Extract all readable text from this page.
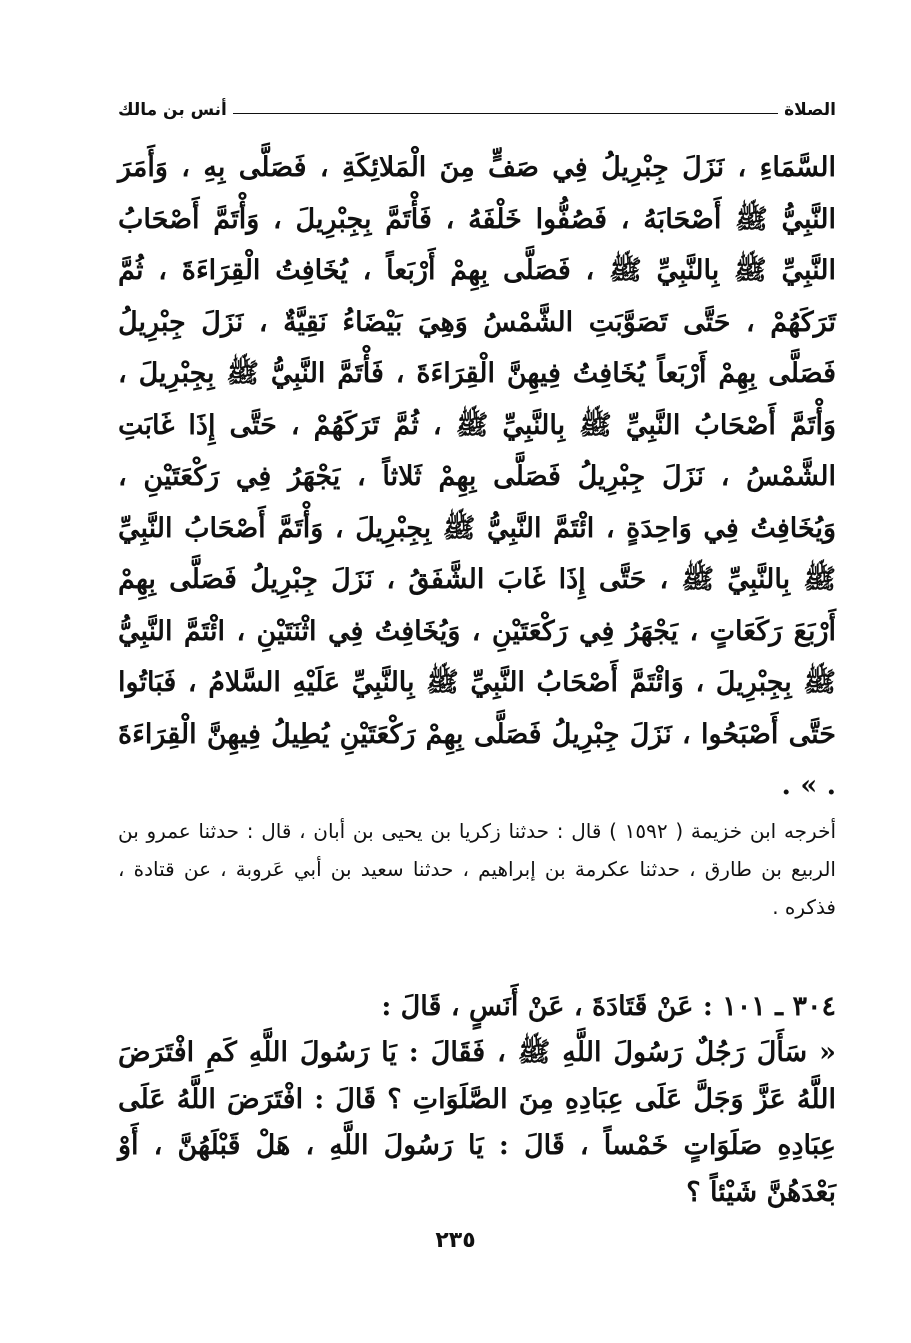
الصلاة
أنس بن مالك
السَّمَاءِ ، نَزَلَ جِبْرِيلُ فِي صَفٍّ مِنَ الْمَلائِكَةِ ، فَصَلَّى بِهِ ، وَأَمَرَ النَّبِيُّ ﷺ أَصْحَابَهُ ، فَصُفُّوا خَلْفَهُ ، فَأْتَمَّ بِجِبْرِيلَ ، وَأْتَمَّ أَصْحَابُ النَّبِيِّ ﷺ بِالنَّبِيِّ ﷺ ، فَصَلَّى بِهِمْ أَرْبَعاً ، يُخَافِتُ الْقِرَاءَةَ ، ثُمَّ تَرَكَهُمْ ، حَتَّى تَصَوَّبَتِ الشَّمْسُ وَهِيَ بَيْضَاءُ نَقِيَّةٌ ، نَزَلَ جِبْرِيلُ فَصَلَّى بِهِمْ أَرْبَعاً يُخَافِتُ فِيهِنَّ الْقِرَاءَةَ ، فَأْتَمَّ النَّبِيُّ ﷺ بِجِبْرِيلَ ، وَأْتَمَّ أَصْحَابُ النَّبِيِّ ﷺ بِالنَّبِيِّ ﷺ ، ثُمَّ تَرَكَهُمْ ، حَتَّى إِذَا غَابَتِ الشَّمْسُ ، نَزَلَ جِبْرِيلُ فَصَلَّى بِهِمْ ثَلاثاً ، يَجْهَرُ فِي رَكْعَتَيْنِ ، وَيُخَافِتُ فِي وَاحِدَةٍ ، ائْتَمَّ النَّبِيُّ ﷺ بِجِبْرِيلَ ، وَأْتَمَّ أَصْحَابُ النَّبِيِّ ﷺ بِالنَّبِيِّ ﷺ ، حَتَّى إِذَا غَابَ الشَّفَقُ ، نَزَلَ جِبْرِيلُ فَصَلَّى بِهِمْ أَرْبَعَ رَكَعَاتٍ ، يَجْهَرُ فِي رَكْعَتَيْنِ ، وَيُخَافِتُ فِي اثْنَتَيْنِ ، ائْتَمَّ النَّبِيُّ ﷺ بِجِبْرِيلَ ، وَائْتَمَّ أَصْحَابُ النَّبِيِّ ﷺ بِالنَّبِيِّ عَلَيْهِ السَّلامُ ، فَبَاتُوا حَتَّى أَصْبَحُوا ، نَزَلَ جِبْرِيلُ فَصَلَّى بِهِمْ رَكْعَتَيْنِ يُطِيلُ فِيهِنَّ الْقِرَاءَةَ . » .
أخرجه ابن خزيمة ( ١٥٩٢ ) قال : حدثنا زكريا بن يحيى بن أبان ، قال : حدثنا عمرو بن الربيع بن طارق ، حدثنا عكرمة بن إبراهيم ، حدثنا سعيد بن أبي عَروبة ، عن قتادة ، فذكره .
٣٠٤ ـ ١٠١ : عَنْ قَتَادَةَ ، عَنْ أَنَسٍ ، قَالَ :
« سَأَلَ رَجُلٌ رَسُولَ اللَّهِ ﷺ ، فَقَالَ : يَا رَسُولَ اللَّهِ كَمِ افْتَرَضَ اللَّهُ عَزَّ وَجَلَّ عَلَى عِبَادِهِ مِنَ الصَّلَوَاتِ ؟ قَالَ : افْتَرَضَ اللَّهُ عَلَى عِبَادِهِ صَلَوَاتٍ خَمْساً ، قَالَ : يَا رَسُولَ اللَّهِ ، هَلْ قَبْلَهُنَّ ، أَوْ بَعْدَهُنَّ شَيْئاً ؟
٢٣٥
